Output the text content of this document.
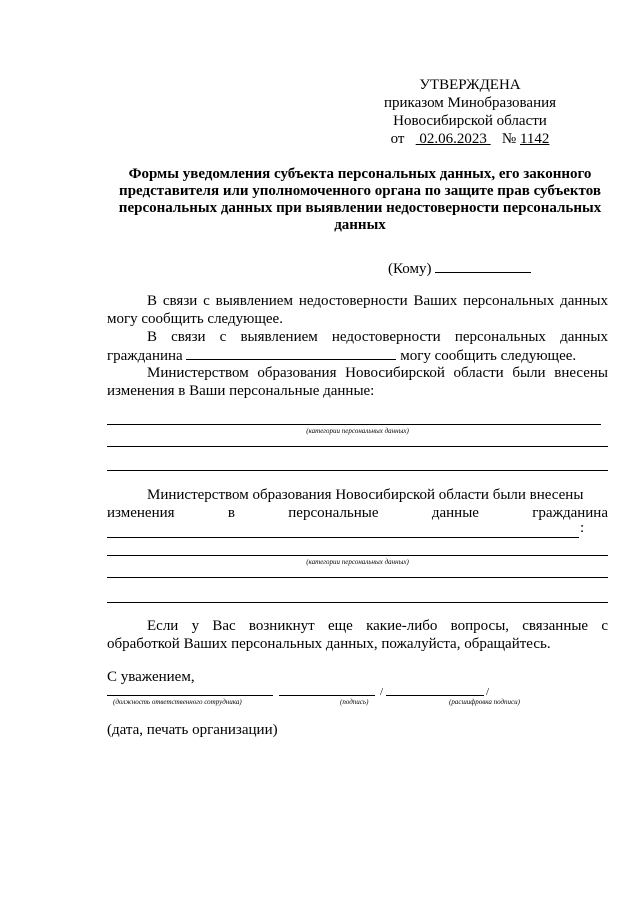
УТВЕРЖДЕНА
приказом Минобразования
Новосибирской области
от 02.06.2023 № 1142
Формы уведомления субъекта персональных данных, его законного представителя или уполномоченного органа по защите прав субъектов персональных данных при выявлении недостоверности персональных данных
(Кому)
В связи с выявлением недостоверности Ваших персональных данных могу сообщить следующее.
В связи с выявлением недостоверности персональных данных гражданина	могу сообщить следующее.
Министерством образования Новосибирской области были внесены изменения в Ваши персональные данные:
(категории персональных данных)
Министерством образования Новосибирской области были внесены
изменения	в	персональные	данные	гражданина
:
(категории персональных данных)
Если у Вас возникнут еще какие-либо вопросы, связанные с обработкой Ваших персональных данных, пожалуйста, обращайтесь.
С уважением,
/	/
(должность ответственного сотрудника)	(подпись)	(расшифровка подписи)
(дата, печать организации)
